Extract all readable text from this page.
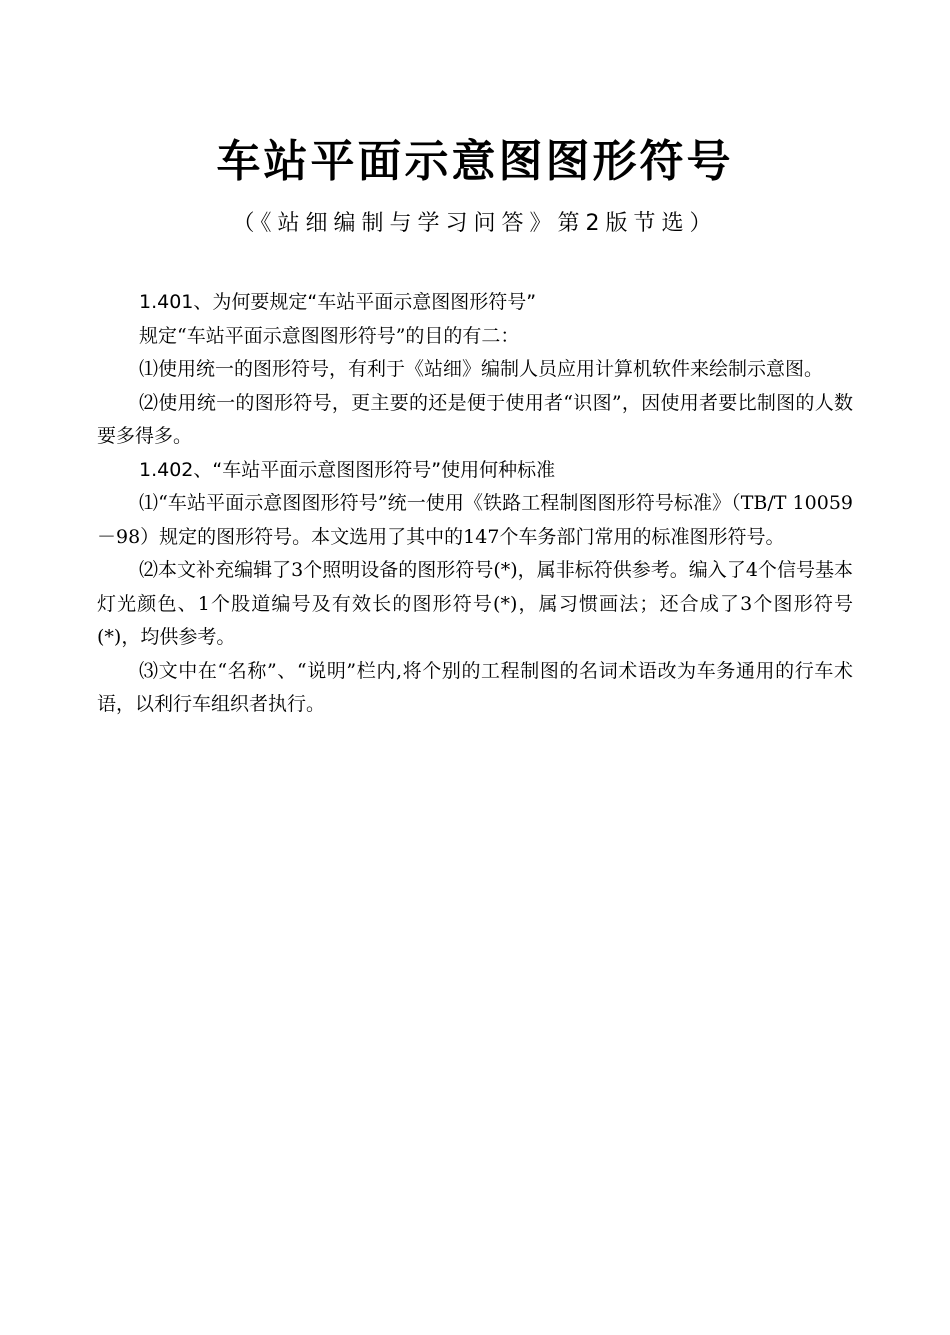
车站平面示意图图形符号
（《站细编制与学习问答》第2版节选）

1.401、为何要规定“车站平面示意图图形符号”

规定“车站平面示意图图形符号”的目的有二：

⑴使用统一的图形符号，有利于《站细》编制人员应用计算机软件来绘制示意图。

⑵使用统一的图形符号，更主要的还是便于使用者“识图”，因使用者要比制图的人数要多得多。

1.402、“车站平面示意图图形符号”使用何种标准

⑴“车站平面示意图图形符号”统一使用《铁路工程制图图形符号标准》（TB/T 10059－98）规定的图形符号。本文选用了其中的147个车务部门常用的标准图形符号。

⑵本文补充编辑了3个照明设备的图形符号(*)，属非标符供参考。编入了4个信号基本灯光颜色、1个股道编号及有效长的图形符号(*)，属习惯画法；还合成了3个图形符号(*)，均供参考。

⑶文中在“名称”、“说明”栏内,将个别的工程制图的名词术语改为车务通用的行车术语，以利行车组织者执行。
